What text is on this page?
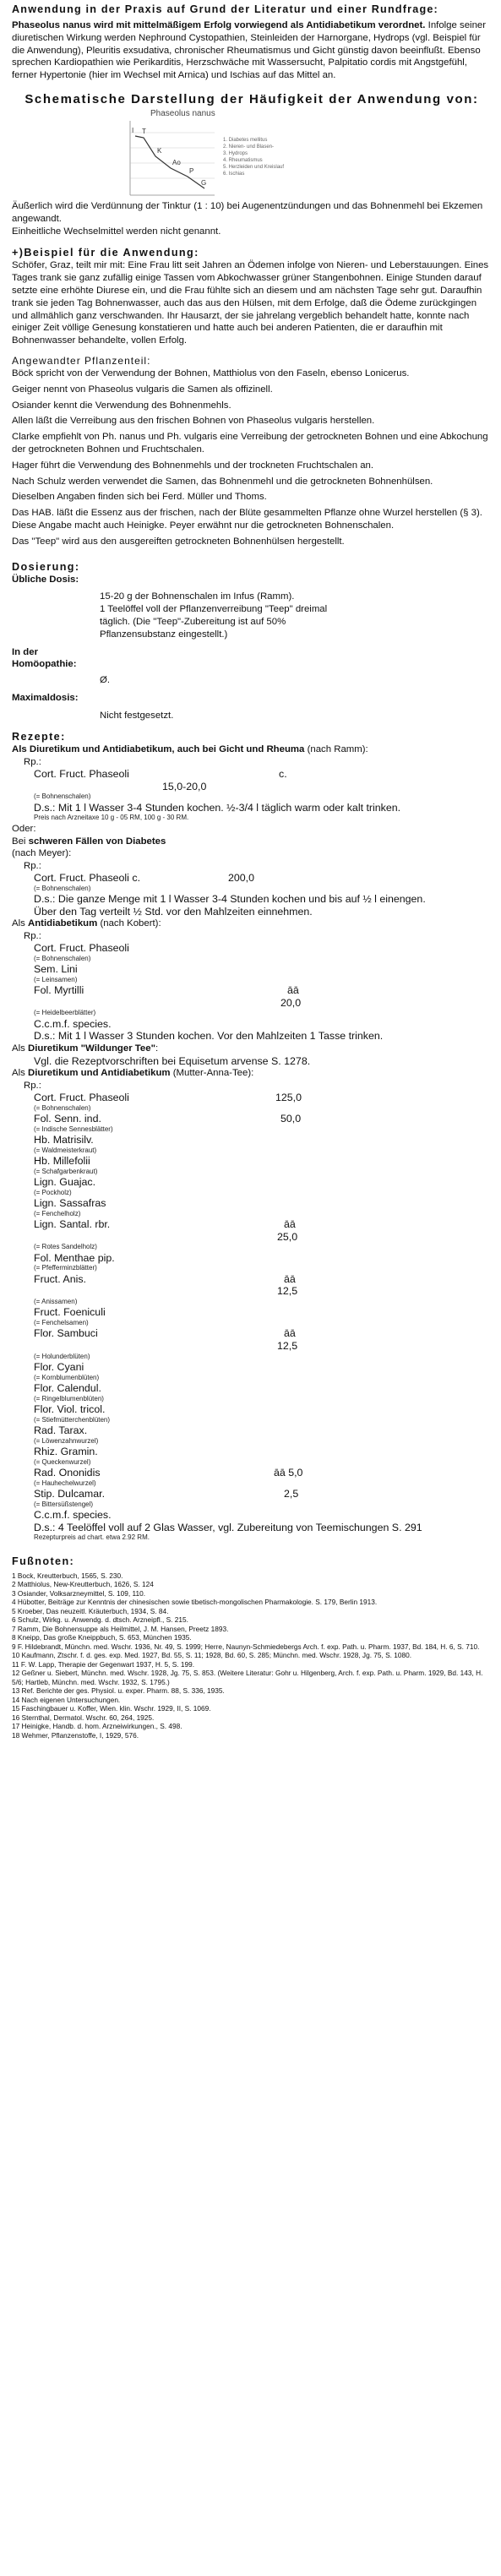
Anwendung in der Praxis auf Grund der Literatur und einer Rundfrage:

Phaseolus nanus wird mit mittelmäßigem Erfolg vorwiegend als Antidiabetikum verordnet. Infolge seiner diuretischen Wirkung werden Nephround Cystopathien, Steinleiden der Harnorgane, Hydrops (vgl. Beispiel für die Anwendung), Pleuritis exsudativa, chronischer Rheumatismus und Gicht günstig davon beeinflußt. Ebenso sprechen Kardiopathien wie Perikarditis, Herzschwäche mit Wassersucht, Palpitatio cordis mit Angstgefühl, ferner Hypertonie (hier im Wechsel mit Arnica) und Ischias auf das Mittel an.

Schematische Darstellung der Häufigkeit der Anwendung von:
Phaseolus nanus
I T
K
Ao
P
G
1. Diabetes mellitus
2. Nieren- und Blasen-
3. Hydrops
4. Rheumatismus
5. Herzleiden und Kreislauf
6. Ischias

Äußerlich wird die Verdünnung der Tinktur (1 : 10) bei Augenentzündungen und das Bohnenmehl bei Ekzemen angewandt.

Einheitliche Wechselmittel werden nicht genannt.

+)Beispiel für die Anwendung:

Schöfer, Graz, teilt mir mit: Eine Frau litt seit Jahren an Ödemen infolge von Nieren- und Leberstauungen. Eines Tages trank sie ganz zufällig einige Tassen vom Abkochwasser grüner Stangenbohnen. Einige Stunden darauf setzte eine erhöhte Diurese ein, und die Frau fühlte sich an diesem und am nächsten Tage sehr gut. Daraufhin trank sie jeden Tag Bohnenwasser, auch das aus den Hülsen, mit dem Erfolge, daß die Ödeme zurückgingen und allmählich ganz verschwanden. Ihr Hausarzt, der sie jahrelang vergeblich behandelt hatte, konnte nach einiger Zeit völlige Genesung konstatieren und hatte auch bei anderen Patienten, die er daraufhin mit Bohnenwasser behandelte, vollen Erfolg.

Angewandter Pflanzenteil:

Böck spricht von der Verwendung der Bohnen, Matthiolus von den Faseln, ebenso Lonicerus.

Geiger nennt von Phaseolus vulgaris die Samen als offizinell.

Osiander kennt die Verwendung des Bohnenmehls.

Allen läßt die Verreibung aus den frischen Bohnen von Phaseolus vulgaris herstellen.

Clarke empfiehlt von Ph. nanus und Ph. vulgaris eine Verreibung der getrockneten Bohnen und eine Abkochung der getrockneten Bohnen und Fruchtschalen.

Hager führt die Verwendung des Bohnenmehls und der trockneten Fruchtschalen an.

Nach Schulz werden verwendet die Samen, das Bohnenmehl und die getrockneten Bohnenhülsen.

Dieselben Angaben finden sich bei Ferd. Müller und Thoms.

Das HAB. läßt die Essenz aus der frischen, nach der Blüte gesammelten Pflanze ohne Wurzel herstellen (§ 3). Diese Angabe macht auch Heinigke. Peyer erwähnt nur die getrockneten Bohnenschalen.

Das "Teep" wird aus den ausgereiften getrockneten Bohnenhülsen hergestellt.

Dosierung:
Übliche Dosis:	

	15-20 g der Bohnenschalen im Infus (Ramm).

1 Teelöffel voll der Pflanzenverreibung "Teep" dreimal täglich. (Die "Teep"-Zubereitung ist auf 50% Pflanzensubstanz eingestellt.)

In der Homöopathie:	
	Ø.
Maximaldosis:	
	Nicht festgesetzt.
Rezepte:

Als Diuretikum und Antidiabetikum, auch bei Gicht und Rheuma (nach Ramm):

Rp.:
Cort. Fruct. Phaseoli	c.
15,0-20,0
(= Bohnenschalen)
D.s.: Mit 1 l Wasser 3-4 Stunden kochen. ½-3/4 l täglich warm oder kalt trinken.
Preis nach Arzneitaxe 10 g - 05 RM, 100 g - 30 RM.

Oder:

Bei schweren Fällen von Diabetes

(nach Meyer):

Rp.:
Cort. Fruct. Phaseoli c.	200,0
(= Bohnenschalen)
D.s.: Die ganze Menge mit 1 l Wasser 3-4 Stunden kochen und bis auf ½ l einengen.
Über den Tag verteilt ½ Std. vor den Mahlzeiten einnehmen.

Als Antidiabetikum (nach Kobert):

Rp.:
Cort. Fruct. Phaseoli
(= Bohnenschalen)
Sem. Lini
(= Leinsamen)
Fol. Myrtilli	āā
20,0
(= Heidelbeerblätter)
C.c.m.f. species.
D.s.: Mit 1 l Wasser 3 Stunden kochen. Vor den Mahlzeiten 1 Tasse trinken.

Als Diuretikum "Wildunger Tee":

Vgl. die Rezeptvorschriften bei Equisetum arvense S. 1278.

Als Diuretikum und Antidiabetikum (Mutter-Anna-Tee):

Rp.:
Cort. Fruct. Phaseoli	125,0
(= Bohnenschalen)
Fol. Senn. ind.	50,0
(= Indische Sennesblätter)
Hb. Matrisilv.
(= Waldmeisterkraut)
Hb. Millefolii
(= Schafgarbenkraut)
Lign. Guajac.
(= Pockholz)
Lign. Sassafras
(= Fenchelholz)
Lign. Santal. rbr.	āā
25,0
(= Rotes Sandelholz)
Fol. Menthae pip.
(= Pfefferminzblätter)
Fruct. Anis.	āā
12,5
(= Anissamen)
Fruct. Foeniculi
(= Fenchelsamen)
Flor. Sambuci	āā
12,5
(= Holunderblüten)
Flor. Cyani
(= Kornblumenblüten)
Flor. Calendul.
(= Ringelblumenblüten)
Flor. Viol. tricol.
(= Stiefmütterchenblüten)
Rad. Tarax.
(= Löwenzahnwurzel)
Rhiz. Gramin.
(= Queckenwurzel)
Rad. Ononidis	āā 5,0
(= Hauhechelwurzel)
Stip. Dulcamar.	2,5
(= Bittersüßstengel)
C.c.m.f. species.
D.s.: 4 Teelöffel voll auf 2 Glas Wasser, vgl. Zubereitung von Teemischungen S. 291
Rezepturpreis ad chart. etwa 2.92 RM.
Fußnoten:
1 Bock, Kreutterbuch, 1565, S. 230.
2 Matthiolus, New-Kreutterbuch, 1626, S. 124
3 Osiander, Volksarzneymittel, S. 109, 110.
4 Hübotter, Beiträge zur Kenntnis der chinesischen sowie tibetisch-mongolischen Pharmakologie. S. 179, Berlin 1913.
5 Kroeber, Das neuzeitl. Kräuterbuch, 1934, S. 84.
6 Schulz, Wirkg. u. Anwendg. d. dtsch. Arzneipfl., S. 215.
7 Ramm, Die Bohnensuppe als Heilmittel, J. M. Hansen, Preetz 1893.
8 Kneipp, Das große Kneippbuch, S. 653, München 1935.
9 F. Hildebrandt, Münchn. med. Wschr. 1936, Nr. 49, S. 1999; Herre, Naunyn-Schmiedebergs Arch. f. exp. Path. u. Pharm. 1937, Bd. 184, H. 6, S. 710.
10 Kaufmann, Ztschr. f. d. ges. exp. Med. 1927, Bd. 55, S. 11; 1928, Bd. 60, S. 285; Münchn. med. Wschr. 1928, Jg. 75, S. 1080.
11 F. W. Lapp, Therapie der Gegenwart 1937, H. 5, S. 199.
12 Geßner u. Siebert, Münchn. med. Wschr. 1928, Jg. 75, S. 853. (Weitere Literatur: Gohr u. Hilgenberg, Arch. f. exp. Path. u. Pharm. 1929, Bd. 143, H. 5/6; Hartleb, Münchn. med. Wschr. 1932, S. 1795.)
13 Ref. Berichte der ges. Physiol. u. exper. Pharm. 88, S. 336, 1935.
14 Nach eigenen Untersuchungen.
15 Faschingbauer u. Koffer, Wien. klin. Wschr. 1929, II, S. 1069.
16 Sternthal, Dermatol. Wschr. 60, 264, 1925.
17 Heinigke, Handb. d. hom. Arzneiwirkungen., S. 498.
18 Wehmer, Pflanzenstoffe, I, 1929, 576.
